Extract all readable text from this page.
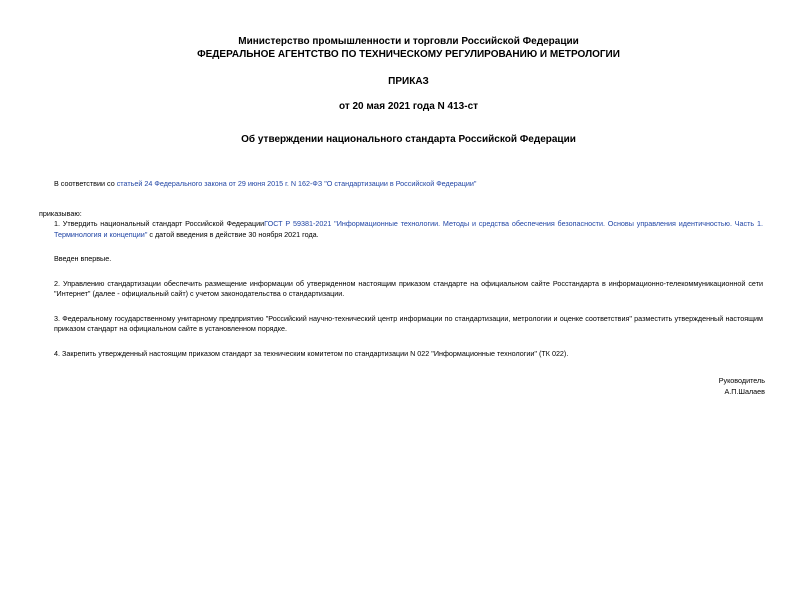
Министерство промышленности и торговли Российской Федерации
ФЕДЕРАЛЬНОЕ АГЕНТСТВО ПО ТЕХНИЧЕСКОМУ РЕГУЛИРОВАНИЮ И МЕТРОЛОГИИ
ПРИКАЗ
от 20 мая 2021 года N 413-ст
Об утверждении национального стандарта Российской Федерации
В соответствии со статьей 24 Федерального закона от 29 июня 2015 г. N 162-ФЗ "О стандартизации в Российской Федерации"
приказываю:
1. Утвердить национальный стандарт Российской ФедерацииГОСТ Р 59381-2021 "Информационные технологии. Методы и средства обеспечения безопасности. Основы управления идентичностью. Часть 1. Терминология и концепции" с датой введения в действие 30 ноября 2021 года.
Введен впервые.
2. Управлению стандартизации обеспечить размещение информации об утвержденном настоящим приказом стандарте на официальном сайте Росстандарта в информационно-телекоммуникационной сети "Интернет" (далее - официальный сайт) с учетом законодательства о стандартизации.
3. Федеральному государственному унитарному предприятию "Российский научно-технический центр информации по стандартизации, метрологии и оценке соответствия" разместить утвержденный настоящим приказом стандарт на официальном сайте в установленном порядке.
4. Закрепить утвержденный настоящим приказом стандарт за техническим комитетом по стандартизации N 022 "Информационные технологии" (ТК 022).
Руководитель
А.П.Шалаев
